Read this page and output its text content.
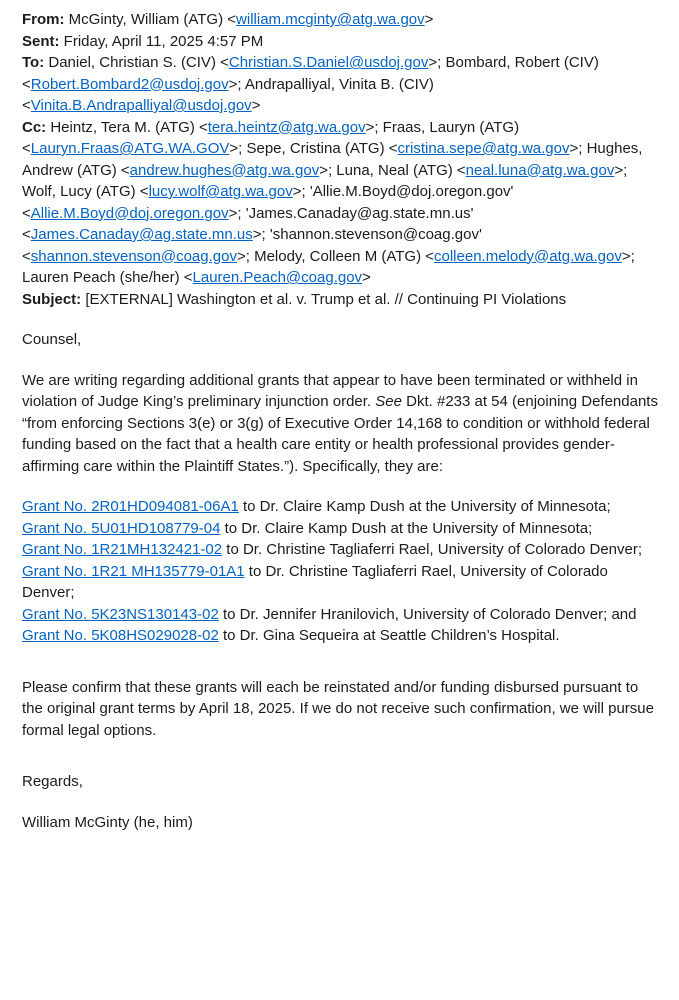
From: McGinty, William (ATG) <william.mcginty@atg.wa.gov>
Sent: Friday, April 11, 2025 4:57 PM
To: Daniel, Christian S. (CIV) <Christian.S.Daniel@usdoj.gov>; Bombard, Robert (CIV) <Robert.Bombard2@usdoj.gov>; Andrapalliyal, Vinita B. (CIV) <Vinita.B.Andrapalliyal@usdoj.gov>
Cc: Heintz, Tera M. (ATG) <tera.heintz@atg.wa.gov>; Fraas, Lauryn (ATG) <Lauryn.Fraas@ATG.WA.GOV>; Sepe, Cristina (ATG) <cristina.sepe@atg.wa.gov>; Hughes, Andrew (ATG) <andrew.hughes@atg.wa.gov>; Luna, Neal (ATG) <neal.luna@atg.wa.gov>; Wolf, Lucy (ATG) <lucy.wolf@atg.wa.gov>; 'Allie.M.Boyd@doj.oregon.gov' <Allie.M.Boyd@doj.oregon.gov>; 'James.Canaday@ag.state.mn.us' <James.Canaday@ag.state.mn.us>; 'shannon.stevenson@coag.gov' <shannon.stevenson@coag.gov>; Melody, Colleen M (ATG) <colleen.melody@atg.wa.gov>; Lauren Peach (she/her) <Lauren.Peach@coag.gov>
Subject: [EXTERNAL] Washington et al. v. Trump et al. // Continuing PI Violations
Counsel,
We are writing regarding additional grants that appear to have been terminated or withheld in violation of Judge King’s preliminary injunction order. See Dkt. #233 at 54 (enjoining Defendants “from enforcing Sections 3(e) or 3(g) of Executive Order 14,168 to condition or withhold federal funding based on the fact that a health care entity or health professional provides gender-affirming care within the Plaintiff States.”). Specifically, they are:
Grant No. 2R01HD094081-06A1 to Dr. Claire Kamp Dush at the University of Minnesota;
Grant No. 5U01HD108779-04 to Dr. Claire Kamp Dush at the University of Minnesota;
Grant No. 1R21MH132421-02 to Dr. Christine Tagliaferri Rael, University of Colorado Denver;
Grant No. 1R21 MH135779-01A1 to Dr. Christine Tagliaferri Rael, University of Colorado Denver;
Grant No. 5K23NS130143-02 to Dr. Jennifer Hranilovich, University of Colorado Denver; and
Grant No. 5K08HS029028-02 to Dr. Gina Sequeira at Seattle Children’s Hospital.
Please confirm that these grants will each be reinstated and/or funding disbursed pursuant to the original grant terms by April 18, 2025. If we do not receive such confirmation, we will pursue formal legal options.
Regards,
William McGinty (he, him)
